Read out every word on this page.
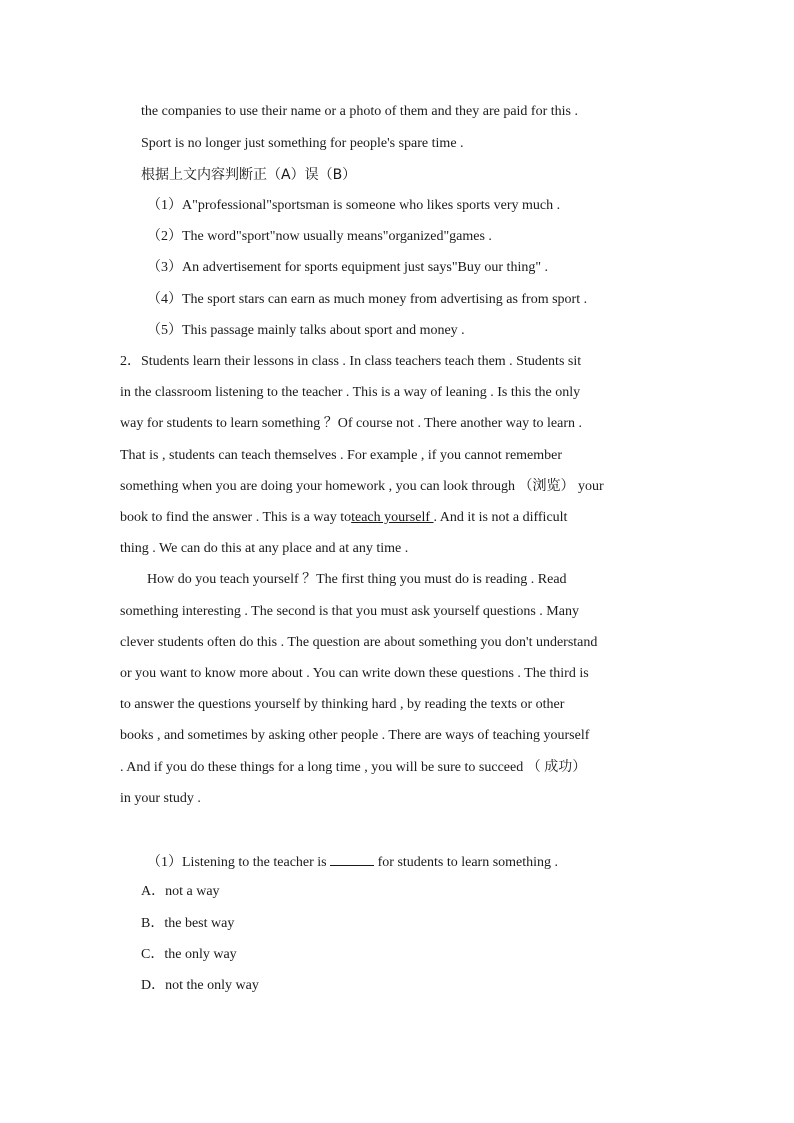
the companies to use their name or a photo of them and they are paid for this .
Sport is no longer just something for people's spare time .
根据上文内容判断正（A）误（B）
（1）A"professional"sportsman is someone who likes sports very much .
（2）The word"sport"now usually means"organized"games .
（3）An advertisement for sports equipment just says"Buy our thing" .
（4）The sport stars can earn as much money from advertising as from sport .
（5）This passage mainly talks about sport and money .
2．Students learn their lessons in class . In class teachers teach them . Students sit
in the classroom listening to the teacher . This is a way of leaning . Is this the only
way for students to learn something ？Of course not . There another way to learn .
That is , students can teach themselves . For example , if you cannot remember
something when you are doing your homework , you can look through （浏览） your
book to find the answer . This is a way toteach yourself . And it is not a difficult
thing . We can do this at any place and at any time .
How do you teach yourself ？The first thing you must do is reading . Read
something interesting . The second is that you must ask yourself questions . Many
clever students often do this . The question are about something you don't understand
or you want to know more about . You can write down these questions . The third is
to answer the questions yourself by thinking hard , by reading the texts or other
books , and sometimes by asking other people . There are ways of teaching yourself
. And if you do these things for a long time , you will be sure to succeed （ 成功）
in your study .
（1）Listening to the teacher is	for students to learn something .
A．not a way
B．the best way
C．the only way
D．not the only way
